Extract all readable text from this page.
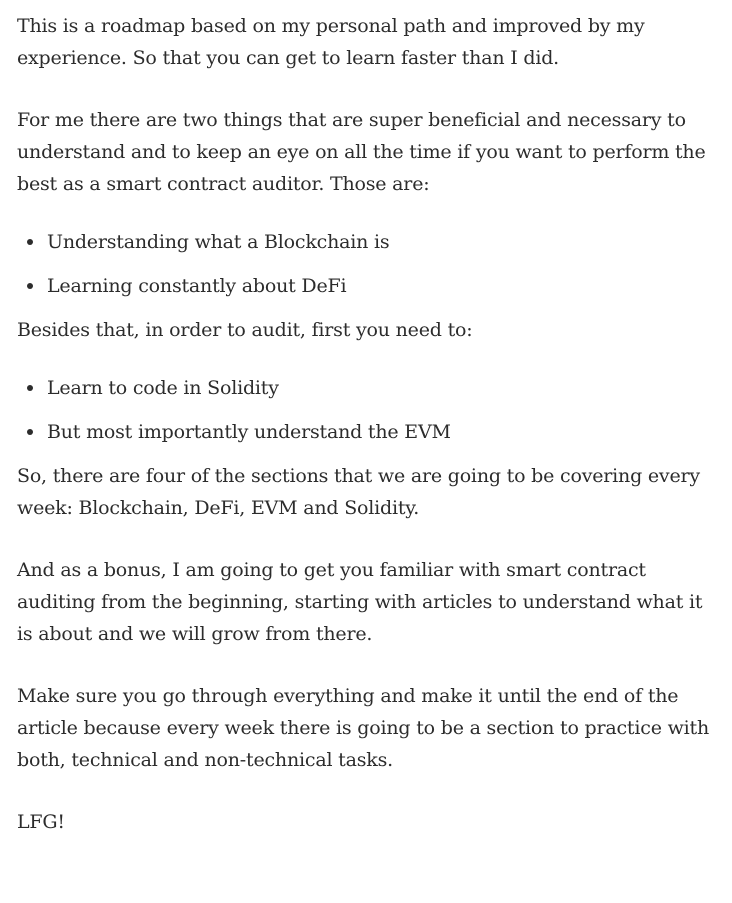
This is a roadmap based on my personal path and improved by my experience. So that you can get to learn faster than I did.

For me there are two things that are super beneficial and necessary to understand and to keep an eye on all the time if you want to perform the best as a smart contract auditor. Those are:

Understanding what a Blockchain is
Learning constantly about DeFi

Besides that, in order to audit, first you need to:

Learn to code in Solidity
But most importantly understand the EVM

So, there are four of the sections that we are going to be covering every week: Blockchain, DeFi, EVM and Solidity.

And as a bonus, I am going to get you familiar with smart contract auditing from the beginning, starting with articles to understand what it is about and we will grow from there.

Make sure you go through everything and make it until the end of the article because every week there is going to be a section to practice with both, technical and non-technical tasks.

LFG!
